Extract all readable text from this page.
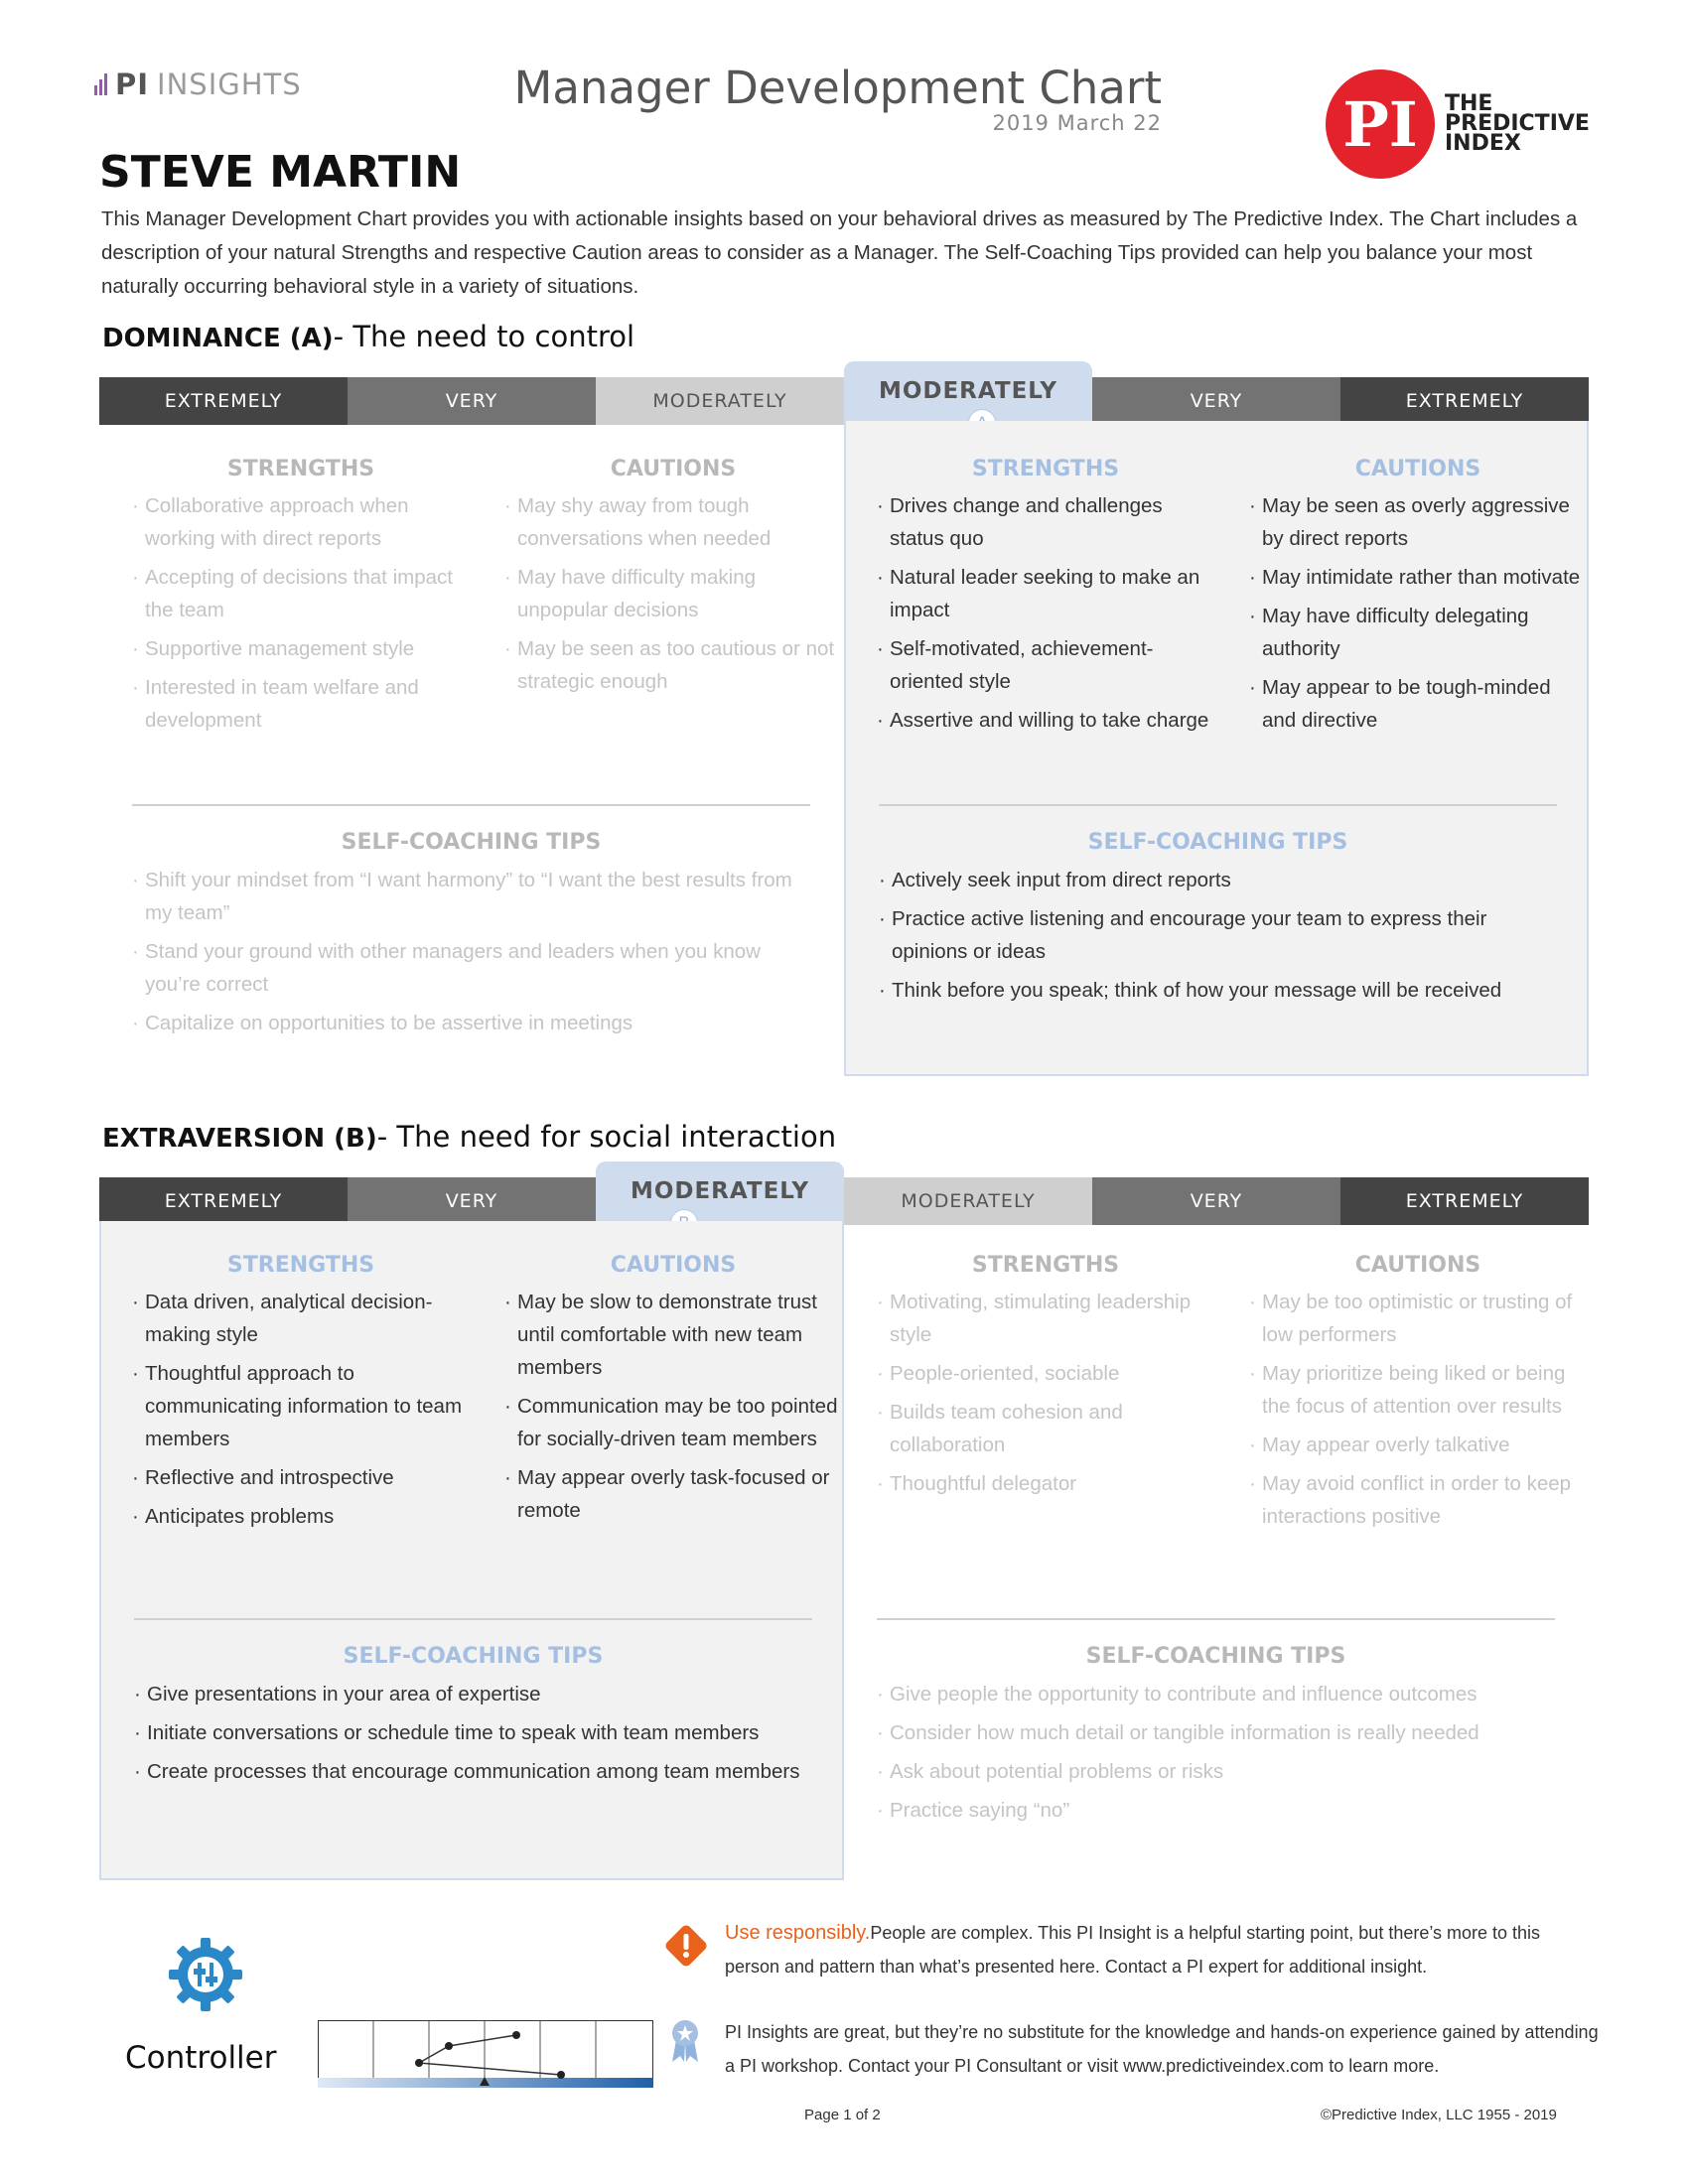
PI INSIGHTS	Manager Development Chart
2019 March 22	PI	THE
PREDICTIVE
INDEX
STEVE MARTIN
This Manager Development Chart provides you with actionable insights based on your behavioral drives as measured by The Predictive Index. The Chart includes a description of your natural Strengths and respective Caution areas to consider as a Manager. The Self-Coaching Tips provided can help you balance your most naturally occurring behavioral style in a variety of situations.
DOMINANCE (A)- The need to control
EXTREMELY	VERY	MODERATELY	VERY	EXTREMELY
MODERATELY
STRENGTHS
· Collaborative approach when working with direct reports
· Accepting of decisions that impact the team
· Supportive management style
· Interested in team welfare and development
CAUTIONS
· May shy away from tough conversations when needed
· May have difficulty making unpopular decisions
· May be seen as too cautious or not strategic enough
SELF-COACHING TIPS
· Shift your mindset from “I want harmony” to “I want the best results from my team”
· Stand your ground with other managers and leaders when you know you’re correct
· Capitalize on opportunities to be assertive in meetings
STRENGTHS
· Drives change and challenges status quo
· Natural leader seeking to make an impact
· Self-motivated, achievement-oriented style
· Assertive and willing to take charge
CAUTIONS
· May be seen as overly aggressive by direct reports
· May intimidate rather than motivate
· May have difficulty delegating authority
· May appear to be tough-minded and directive
SELF-COACHING TIPS
· Actively seek input from direct reports
· Practice active listening and encourage your team to express their opinions or ideas
· Think before you speak; think of how your message will be received
EXTRAVERSION (B)- The need for social interaction
EXTREMELY	VERY	MODERATELY	VERY	EXTREMELY
MODERATELY
STRENGTHS
· Data driven, analytical decision-making style
· Thoughtful approach to communicating information to team members
· Reflective and introspective
· Anticipates problems
CAUTIONS
· May be slow to demonstrate trust until comfortable with new team members
· Communication may be too pointed for socially-driven team members
· May appear overly task-focused or remote
SELF-COACHING TIPS
· Give presentations in your area of expertise
· Initiate conversations or schedule time to speak with team members
· Create processes that encourage communication among team members
STRENGTHS
· Motivating, stimulating leadership style
· People-oriented, sociable
· Builds team cohesion and collaboration
· Thoughtful delegator
CAUTIONS
· May be too optimistic or trusting of low performers
· May prioritize being liked or being the focus of attention over results
· May appear overly talkative
· May avoid conflict in order to keep interactions positive
SELF-COACHING TIPS
· Give people the opportunity to contribute and influence outcomes
· Consider how much detail or tangible information is really needed
· Ask about potential problems or risks
· Practice saying “no”
Controller
Use responsibly.People are complex. This PI Insight is a helpful starting point, but there’s more to this person and pattern than what’s presented here. Contact a PI expert for additional insight.
PI Insights are great, but they’re no substitute for the knowledge and hands-on experience gained by attending a PI workshop. Contact your PI Consultant or visit www.predictiveindex.com to learn more.
Page 1 of 2	©Predictive Index, LLC 1955 - 2019
